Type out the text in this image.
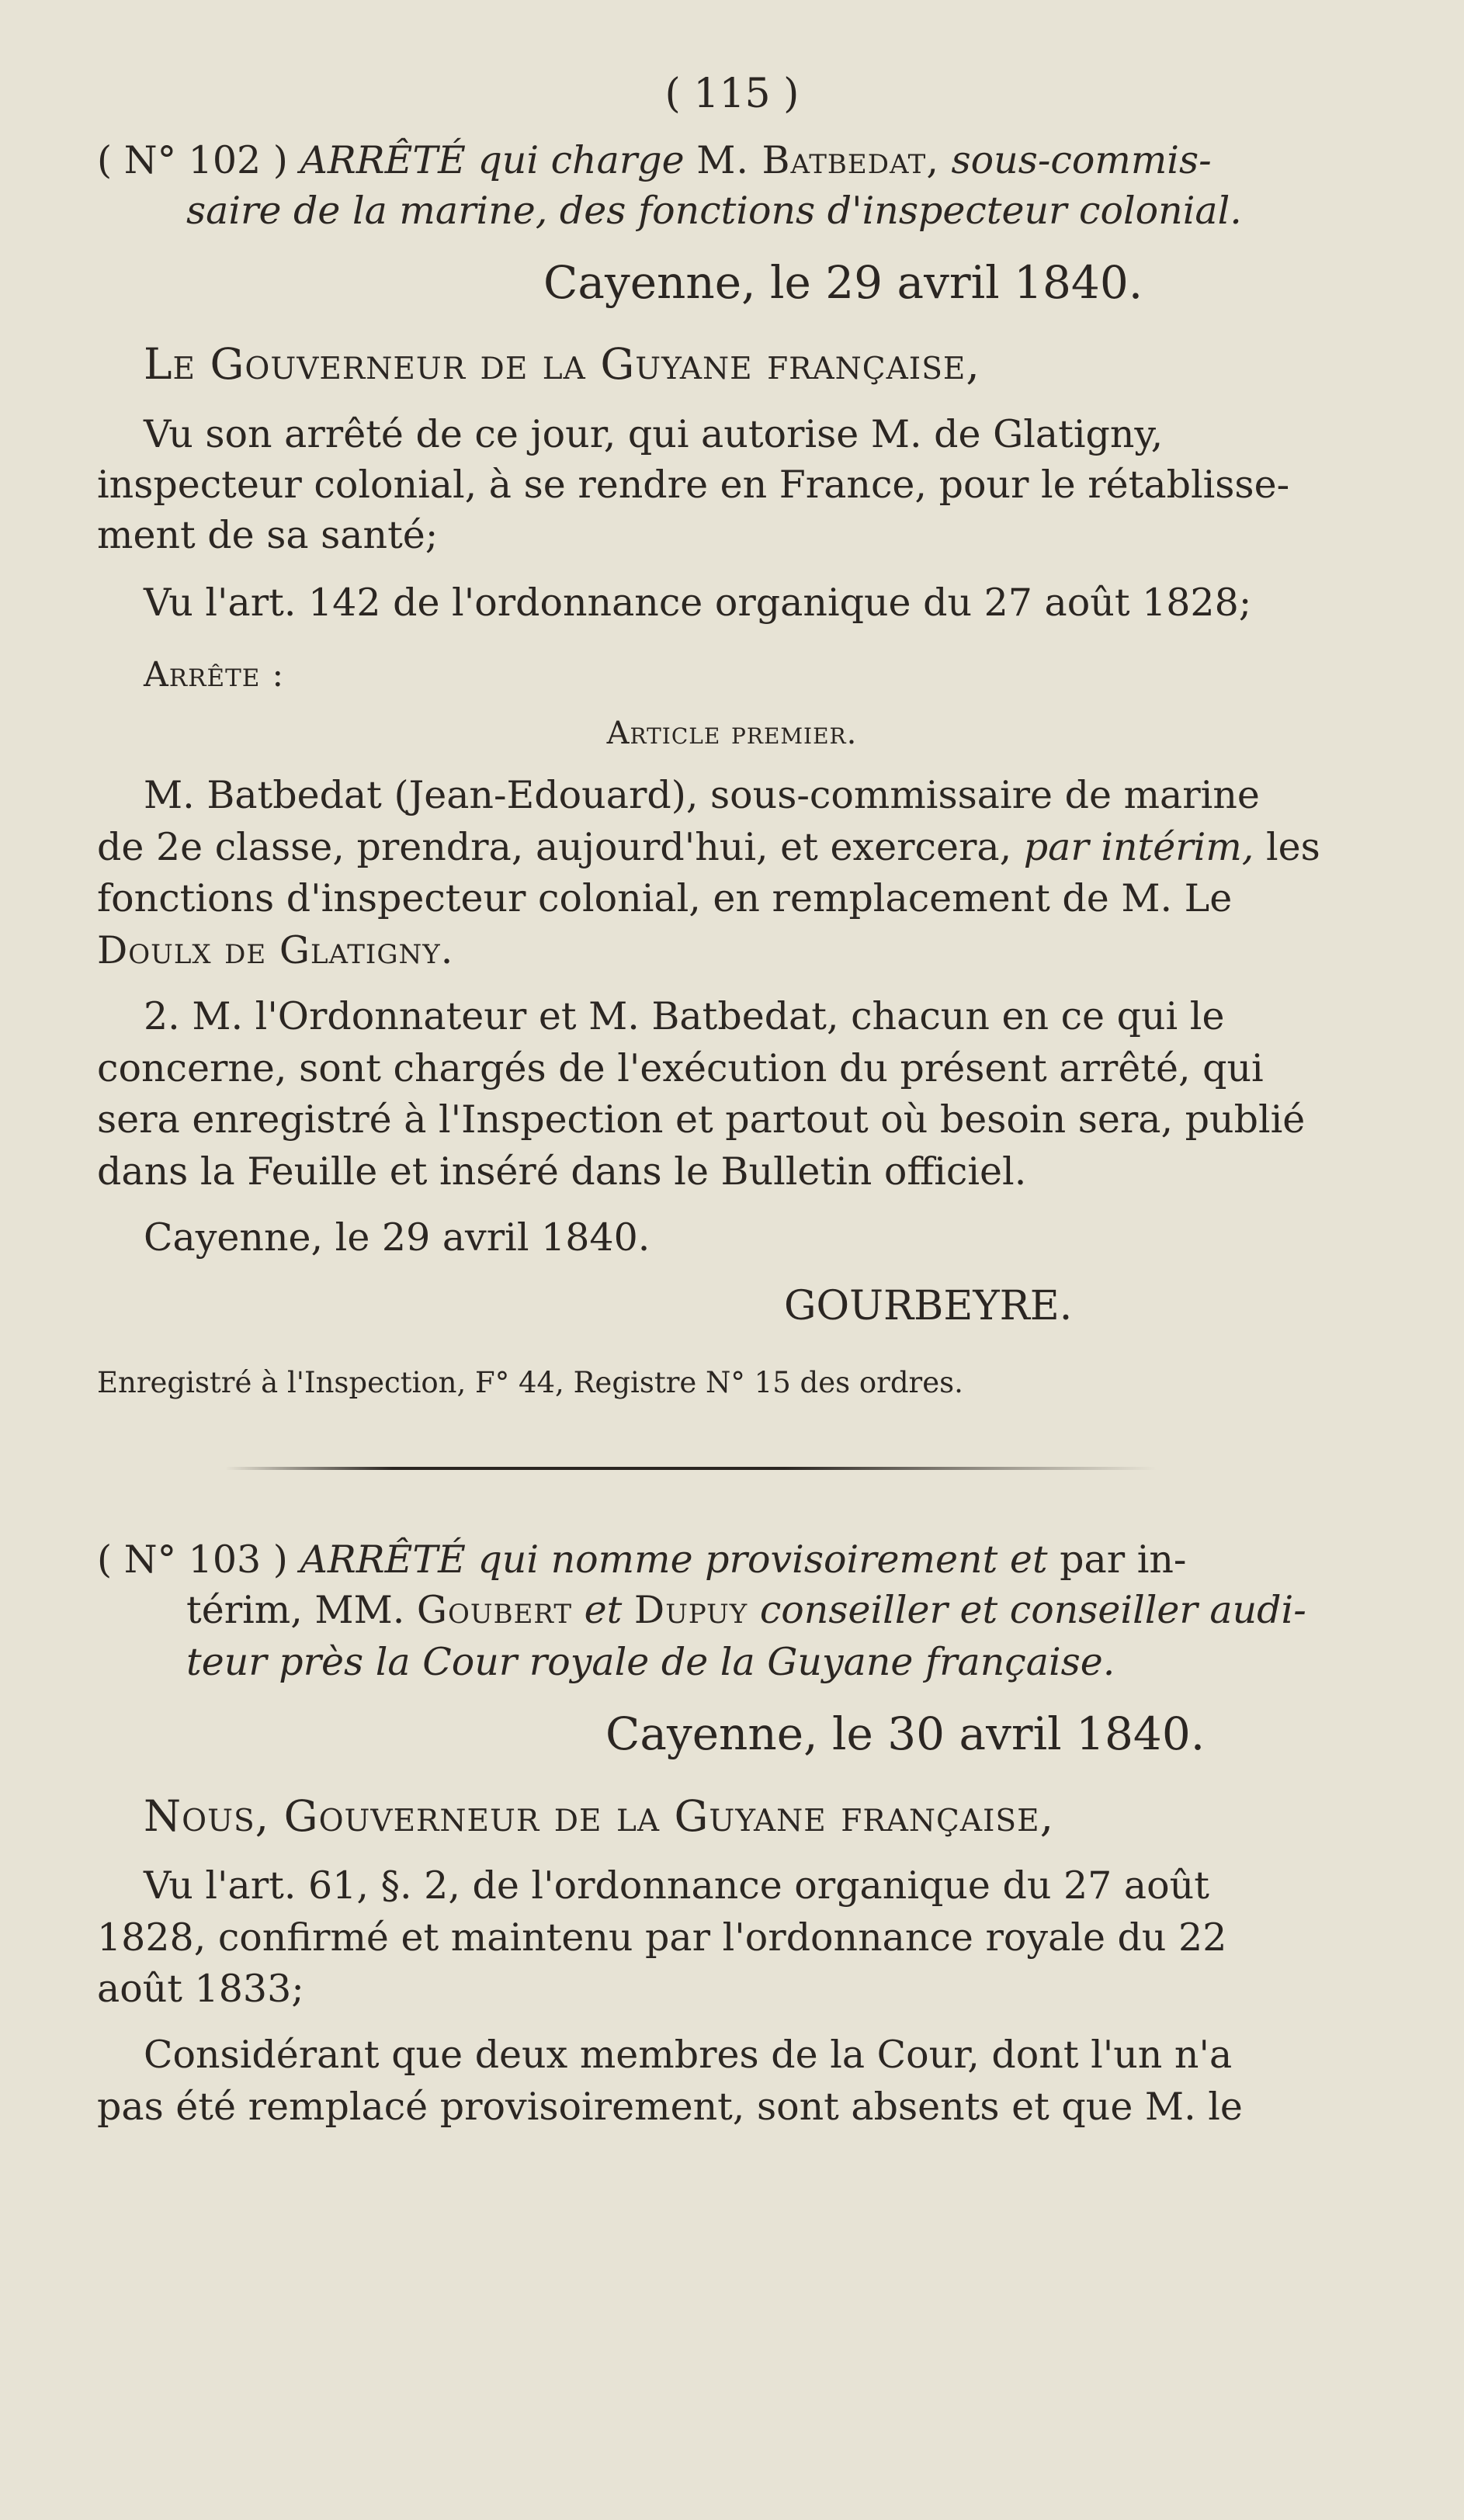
( 115 )
( N° 102 ) ARRÊTÉ qui charge M. Batbedat, sous-commis-
saire de la marine, des fonctions d'inspecteur colonial.
Cayenne, le 29 avril 1840.
Le Gouverneur de la Guyane française,
Vu son arrêté de ce jour, qui autorise M. de Glatigny,
inspecteur colonial, à se rendre en France, pour le rétablisse-
ment de sa santé;
Vu l'art. 142 de l'ordonnance organique du 27 août 1828;
Arrête :
Article premier.
M. Batbedat (Jean-Edouard), sous-commissaire de marine
de 2e classe, prendra, aujourd'hui, et exercera, par intérim, les
fonctions d'inspecteur colonial, en remplacement de M. Le
Doulx de Glatigny.
2. M. l'Ordonnateur et M. Batbedat, chacun en ce qui le
concerne, sont chargés de l'exécution du présent arrêté, qui
sera enregistré à l'Inspection et partout où besoin sera, publié
dans la Feuille et inséré dans le Bulletin officiel.
Cayenne, le 29 avril 1840.
GOURBEYRE.
Enregistré à l'Inspection, F° 44, Registre N° 15 des ordres.
( N° 103 ) ARRÊTÉ qui nomme provisoirement et par in-
térim, MM. Goubert et Dupuy conseiller et conseiller audi-
teur près la Cour royale de la Guyane française.
Cayenne, le 30 avril 1840.
Nous, Gouverneur de la Guyane française,
Vu l'art. 61, §. 2, de l'ordonnance organique du 27 août
1828, confirmé et maintenu par l'ordonnance royale du 22
août 1833;
Considérant que deux membres de la Cour, dont l'un n'a
pas été remplacé provisoirement, sont absents et que M. le
